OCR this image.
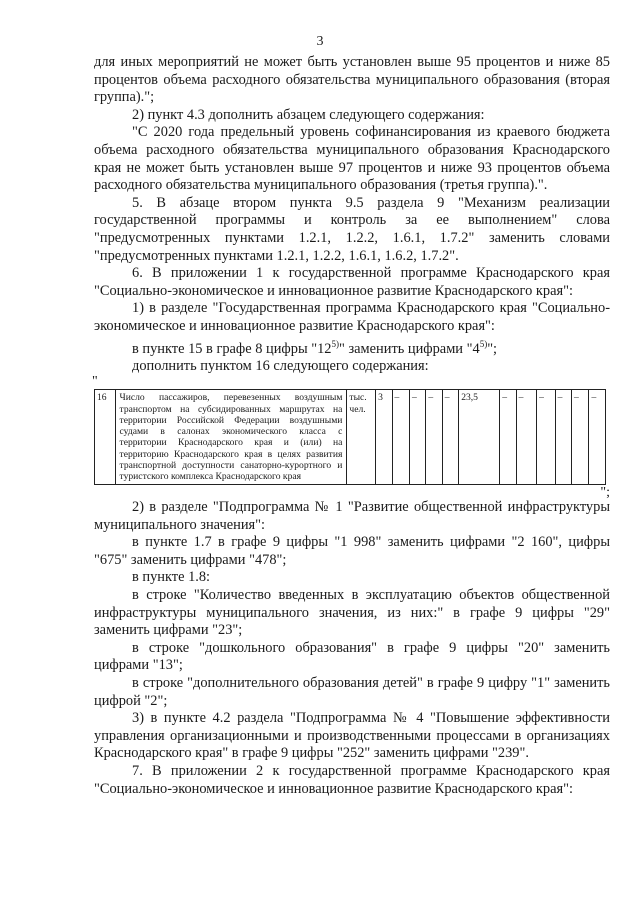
3

для иных мероприятий не может быть установлен выше 95 процентов и ниже 85 процентов объема расходного обязательства муниципального образования (вторая группа).";

2) пункт 4.3 дополнить абзацем следующего содержания:

"С 2020 года предельный уровень софинансирования из краевого бюджета объема расходного обязательства муниципального образования Краснодарского края не может быть установлен выше 97 процентов и ниже 93 процентов объема расходного обязательства муниципального образования (третья группа).".

5. В абзаце втором пункта 9.5 раздела 9 "Механизм реализации государственной программы и контроль за ее выполнением" слова "предусмотренных пунктами 1.2.1, 1.2.2, 1.6.1, 1.7.2" заменить словами "предусмотренных пунктами 1.2.1, 1.2.2, 1.6.1, 1.6.2, 1.7.2".

6. В приложении 1 к государственной программе Краснодарского края "Социально-экономическое и инновационное развитие Краснодарского края":

1) в разделе "Государственная программа Краснодарского края "Социально-экономическое и инновационное развитие Краснодарского края":

в пункте 15 в графе 8 цифры "12$^{5)}$" заменить цифрами "4$^{5)}$";

дополнить пунктом 16 следующего содержания:

"
16	Число пассажиров, перевезенных воздушным транспортом на субсидированных маршрутах на территории Российской Федерации воздушными судами в салонах экономического класса с территории Краснодарского края и (или) на территорию Краснодарского края в целях развития транспортной доступности санаторно-курортного и туристского комплекса Краснодарского края	тыс. чел.	3	–	–	–	–	23,5	–	–	–	–	–	–
";

2) в разделе "Подпрограмма № 1 "Развитие общественной инфраструктуры муниципального значения":

в пункте 1.7 в графе 9 цифры "1 998" заменить цифрами "2 160", цифры "675" заменить цифрами "478";

в пункте 1.8:

в строке "Количество введенных в эксплуатацию объектов общественной инфраструктуры муниципального значения, из них:" в графе 9 цифры "29" заменить цифрами "23";

в строке "дошкольного образования" в графе 9 цифры "20" заменить цифрами "13";

в строке "дополнительного образования детей" в графе 9 цифру "1" заменить цифрой "2";

3) в пункте 4.2 раздела "Подпрограмма № 4 "Повышение эффективности управления организационными и производственными процессами в организациях Краснодарского края" в графе 9 цифры "252" заменить цифрами "239".

7. В приложении 2 к государственной программе Краснодарского края "Социально-экономическое и инновационное развитие Краснодарского края":
